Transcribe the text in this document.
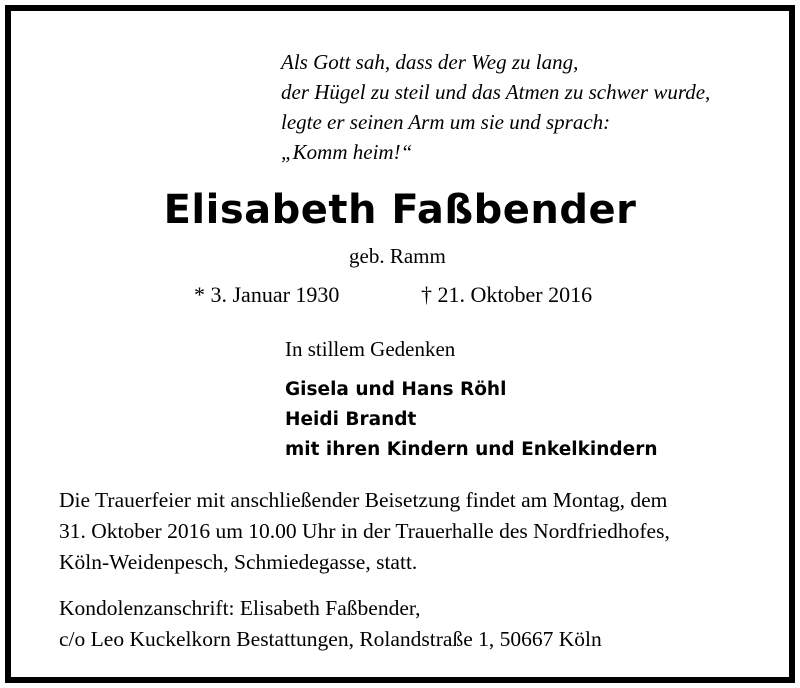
Als Gott sah, dass der Weg zu lang,
der Hügel zu steil und das Atmen zu schwer wurde,
legte er seinen Arm um sie und sprach:
„Komm heim!“
Elisabeth Faßbender
geb. Ramm
* 3. Januar 1930	† 21. Oktober 2016
In stillem Gedenken
Gisela und Hans Röhl
Heidi Brandt
mit ihren Kindern und Enkelkindern
Die Trauerfeier mit anschließender Beisetzung findet am Montag, dem
31. Oktober 2016 um 10.00 Uhr in der Trauerhalle des Nordfriedhofes,
Köln-Weidenpesch, Schmiedegasse, statt.
Kondolenzanschrift: Elisabeth Faßbender,
c/o Leo Kuckelkorn Bestattungen, Rolandstraße 1, 50667 Köln
